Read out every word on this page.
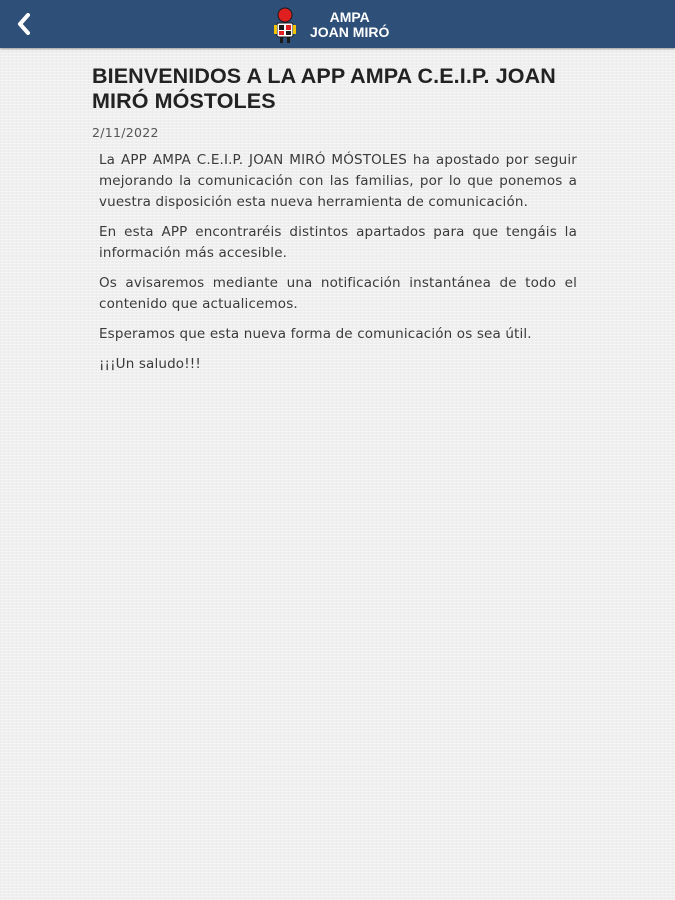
AMPA
JOAN MIRÓ
BIENVENIDOS A LA APP AMPA C.E.I.P. JOAN MIRÓ MÓSTOLES
2/11/2022

La APP AMPA C.E.I.P. JOAN MIRÓ MÓSTOLES ha apostado por seguir mejorando la comunicación con las familias, por lo que ponemos a vuestra disposición esta nueva herramienta de comunicación.

En esta APP encontraréis distintos apartados para que tengáis la información más accesible.

Os avisaremos mediante una notificación instantánea de todo el contenido que actualicemos.

Esperamos que esta nueva forma de comunicación os sea útil.

¡¡¡Un saludo!!!
